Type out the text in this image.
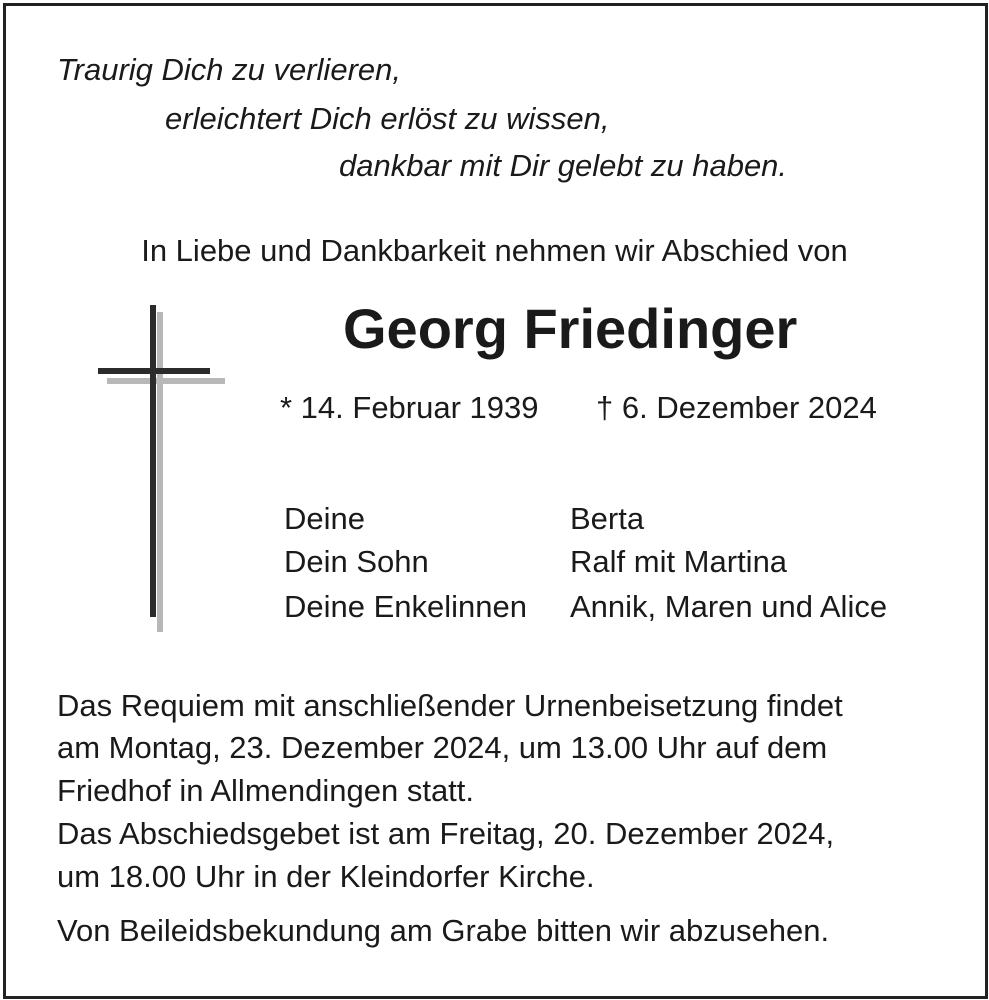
Traurig Dich zu verlieren,
erleichtert Dich erlöst zu wissen,
dankbar mit Dir gelebt zu haben.
In Liebe und Dankbarkeit nehmen wir Abschied von
Georg Friedinger
* 14. Februar 1939 † 6. Dezember 2024
Deine	Berta
Dein Sohn	Ralf mit Martina
Deine Enkelinnen Annik, Maren und Alice
Das Requiem mit anschließender Urnenbeisetzung findet
am Montag, 23. Dezember 2024, um 13.00 Uhr auf dem
Friedhof in Allmendingen statt.
Das Abschiedsgebet ist am Freitag, 20. Dezember 2024,
um 18.00 Uhr in der Kleindorfer Kirche.
Von Beileidsbekundung am Grabe bitten wir abzusehen.
